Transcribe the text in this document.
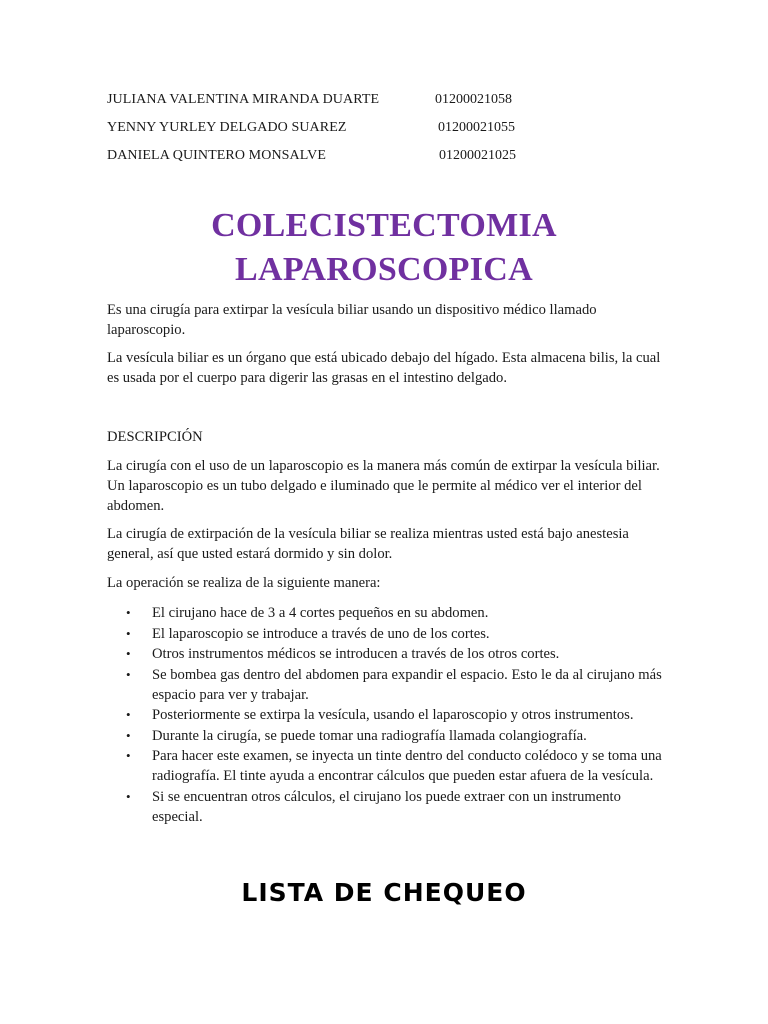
JULIANA VALENTINA MIRANDA DUARTE	01200021058
YENNY YURLEY DELGADO SUAREZ	01200021055
DANIELA QUINTERO MONSALVE	01200021025
COLECISTECTOMIA
LAPAROSCOPICA
Es una cirugía para extirpar la vesícula biliar usando un dispositivo médico llamado laparoscopio.
La vesícula biliar es un órgano que está ubicado debajo del hígado. Esta almacena bilis, la cual es usada por el cuerpo para digerir las grasas en el intestino delgado.
DESCRIPCIÓN
La cirugía con el uso de un laparoscopio es la manera más común de extirpar la vesícula biliar. Un laparoscopio es un tubo delgado e iluminado que le permite al médico ver el interior del abdomen.
La cirugía de extirpación de la vesícula biliar se realiza mientras usted está bajo anestesia general, así que usted estará dormido y sin dolor.
La operación se realiza de la siguiente manera:
• El cirujano hace de 3 a 4 cortes pequeños en su abdomen.
• El laparoscopio se introduce a través de uno de los cortes.
• Otros instrumentos médicos se introducen a través de los otros cortes.
• Se bombea gas dentro del abdomen para expandir el espacio. Esto le da al cirujano más espacio para ver y trabajar.
• Posteriormente se extirpa la vesícula, usando el laparoscopio y otros instrumentos.
• Durante la cirugía, se puede tomar una radiografía llamada colangiografía.
• Para hacer este examen, se inyecta un tinte dentro del conducto colédoco y se toma una radiografía. El tinte ayuda a encontrar cálculos que pueden estar afuera de la vesícula.
• Si se encuentran otros cálculos, el cirujano los puede extraer con un instrumento especial.
LISTA DE CHEQUEO
